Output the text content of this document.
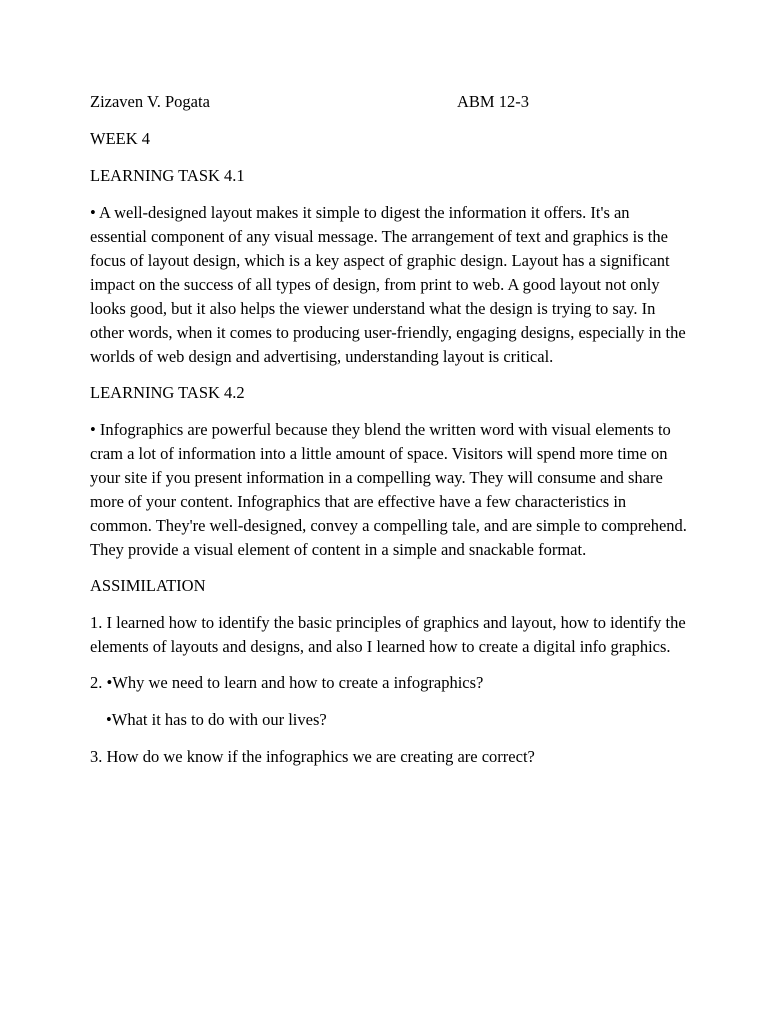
Zizaven V. Pogata	ABM 12-3

WEEK 4

LEARNING TASK 4.1

• A well-designed layout makes it simple to digest the information it offers. It's an essential component of any visual message. The arrangement of text and graphics is the focus of layout design, which is a key aspect of graphic design. Layout has a significant impact on the success of all types of design, from print to web. A good layout not only looks good, but it also helps the viewer understand what the design is trying to say. In other words, when it comes to producing user-friendly, engaging designs, especially in the worlds of web design and advertising, understanding layout is critical.

LEARNING TASK 4.2

• Infographics are powerful because they blend the written word with visual elements to cram a lot of information into a little amount of space. Visitors will spend more time on your site if you present information in a compelling way. They will consume and share more of your content. Infographics that are effective have a few characteristics in common. They're well-designed, convey a compelling tale, and are simple to comprehend. They provide a visual element of content in a simple and snackable format.

ASSIMILATION

1. I learned how to identify the basic principles of graphics and layout, how to identify the elements of layouts and designs, and also I learned how to create a digital info graphics.

2. •Why we need to learn and how to create a infographics?

•What it has to do with our lives?

3. How do we know if the infographics we are creating are correct?
